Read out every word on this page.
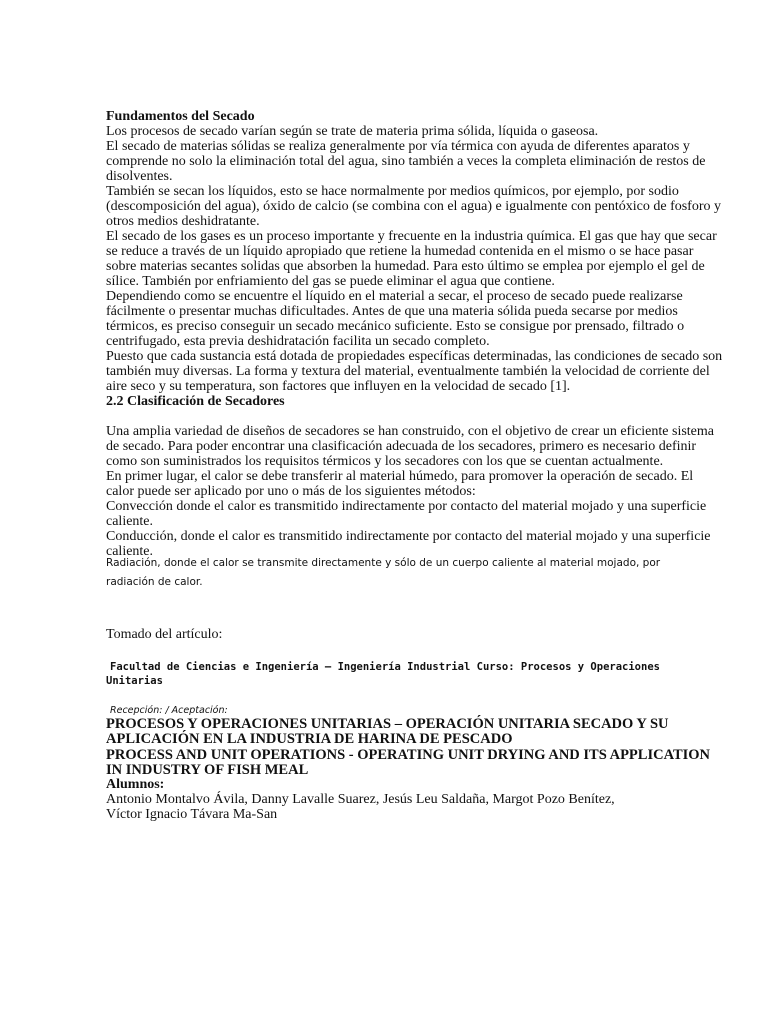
Fundamentos del Secado
Los procesos de secado varían según se trate de materia prima sólida, líquida o gaseosa.
El secado de materias sólidas se realiza generalmente por vía térmica con ayuda de diferentes aparatos y
comprende no solo la eliminación total del agua, sino también a veces la completa eliminación de restos de
disolventes.
También se secan los líquidos, esto se hace normalmente por medios químicos, por ejemplo, por sodio
(descomposición del agua), óxido de calcio (se combina con el agua) e igualmente con pentóxico de fosforo y
otros medios deshidratante.
El secado de los gases es un proceso importante y frecuente en la industria química. El gas que hay que secar
se reduce a través de un líquido apropiado que retiene la humedad contenida en el mismo o se hace pasar
sobre materias secantes solidas que absorben la humedad. Para esto último se emplea por ejemplo el gel de
sílice. También por enfriamiento del gas se puede eliminar el agua que contiene.
Dependiendo como se encuentre el líquido en el material a secar, el proceso de secado puede realizarse
fácilmente o presentar muchas dificultades. Antes de que una materia sólida pueda secarse por medios
térmicos, es preciso conseguir un secado mecánico suficiente. Esto se consigue por prensado, filtrado o
centrifugado, esta previa deshidratación facilita un secado completo.
Puesto que cada sustancia está dotada de propiedades específicas determinadas, las condiciones de secado son
también muy diversas. La forma y textura del material, eventualmente también la velocidad de corriente del
aire seco y su temperatura, son factores que influyen en la velocidad de secado [1].
2.2 Clasificación de Secadores
Una amplia variedad de diseños de secadores se han construido, con el objetivo de crear un eficiente sistema
de secado. Para poder encontrar una clasificación adecuada de los secadores, primero es necesario definir
como son suministrados los requisitos térmicos y los secadores con los que se cuentan actualmente.
En primer lugar, el calor se debe transferir al material húmedo, para promover la operación de secado. El
calor puede ser aplicado por uno o más de los siguientes métodos:
Convección donde el calor es transmitido indirectamente por contacto del material mojado y una superficie
caliente.
Conducción, donde el calor es transmitido indirectamente por contacto del material mojado y una superficie
caliente.
Radiación, donde el calor se transmite directamente y sólo de un cuerpo caliente al material mojado, por
radiación de calor.
Tomado del artículo:
Facultad de Ciencias e Ingeniería – Ingeniería Industrial Curso: Procesos y Operaciones
Unitarias
Recepción: / Aceptación:
PROCESOS Y OPERACIONES UNITARIAS – OPERACIÓN UNITARIA SECADO Y SU
APLICACIÓN EN LA INDUSTRIA DE HARINA DE PESCADO
PROCESS AND UNIT OPERATIONS - OPERATING UNIT DRYING AND ITS APPLICATION
IN INDUSTRY OF FISH MEAL
Alumnos:
Antonio Montalvo Ávila, Danny Lavalle Suarez, Jesús Leu Saldaña, Margot Pozo Benítez,
Víctor Ignacio Távara Ma-San
